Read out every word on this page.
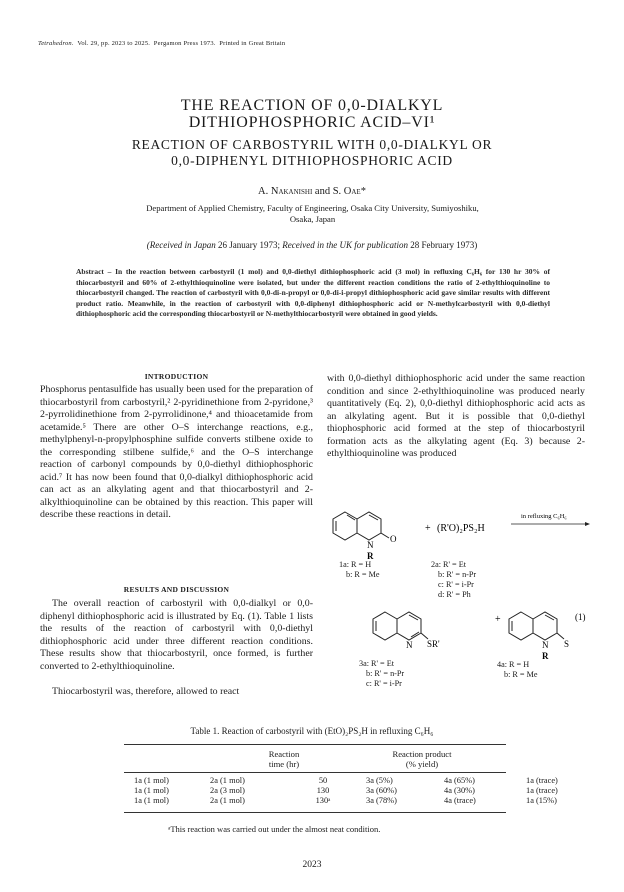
Tetrahedron. Vol. 29, pp. 2023 to 2025. Pergamon Press 1973. Printed in Great Britain
THE REACTION OF 0,0-DIALKYL
DITHIOPHOSPHORIC ACID–VI¹
REACTION OF CARBOSTYRIL WITH 0,0-DIALKYL OR
0,0-DIPHENYL DITHIOPHOSPHORIC ACID
A. Nakanishi and S. Oae*
Department of Applied Chemistry, Faculty of Engineering, Osaka City University, Sumiyoshiku,
Osaka, Japan
(Received in Japan 26 January 1973; Received in the UK for publication 28 February 1973)
Abstract – In the reaction between carbostyril (1 mol) and 0,0-diethyl dithiophosphoric acid (3 mol) in refluxing C₆H₆ for 130 hr 30% of thiocarbostyril and 60% of 2-ethylthioquinoline were isolated, but under the different reaction conditions the ratio of 2-ethylthioquinoline to thiocarbostyril changed. The reaction of carbostyril with 0,0-di-n-propyl or 0,0-di-i-propyl dithiophosphoric acid gave similar results with different product ratio. Meanwhile, in the reaction of carbostyril with 0,0-diphenyl dithiophosphoric acid or N-methylcarbostyril with 0,0-diethyl dithiophosphoric acid the corresponding thiocarbostyril or N-methylthiocarbostyril were obtained in good yields.
INTRODUCTION
Phosphorus pentasulfide has usually been used for the preparation of thiocarbostyril from carbostyril,² 2-pyridinethione from 2-pyridone,³ 2-pyrrolidinethione from 2-pyrrolidinone,⁴ and thioacetamide from acetamide.⁵ There are other O–S interchange reactions, e.g., methylphenyl-n-propylphosphine sulfide converts stilbene oxide to the corresponding stilbene sulfide,⁶ and the O–S interchange reaction of carbonyl compounds by 0,0-diethyl dithiophosphoric acid.⁷ It has now been found that 0,0-dialkyl dithiophosphoric acid can act as an alkylating agent and that thiocarbostyril and 2-alkylthioquinoline can be obtained by this reaction. This paper will describe these reactions in detail.
RESULTS AND DISCUSSION
The overall reaction of carbostyril with 0,0-dialkyl or 0,0-diphenyl dithiophosphoric acid is illustrated by Eq. (1). Table 1 lists the results of the reaction of carbostyril with 0,0-diethyl dithiophosphoric acid under three different reaction conditions. These results show that thiocarbostyril, once formed, is further converted to 2-ethylthioquinoline.
Thiocarbostyril was, therefore, allowed to react
with 0,0-diethyl dithiophosphoric acid under the same reaction condition and since 2-ethylthioquinoline was produced nearly quantitatively (Eq. 2), 0,0-diethyl dithiophosphoric acid acts as an alkylating agent. But it is possible that 0,0-diethyl thiophosphoric acid formed at the step of thiocarbostyril formation acts as the alkylating agent (Eq. 3) because 2-ethylthioquinoline was produced
N
O
R
+ (R'O)₂PS₂H
in refluxing C₆H₆
N SR'
+
N S
R
(1)
1a: R = H
b: R = Me
2a: R' = Et
b: R' = n-Pr
c: R' = i-Pr
d: R' = Ph
3a: R' = Et
b: R' = n-Pr
c: R' = i-Pr
4a: R = H
b: R = Me
Table 1. Reaction of carbostyril with (EtO)₂PS₂H in refluxing C₆H₆
Reaction
time (hr)
Reaction product
(% yield)
1a (1 mol)	2a (1 mol)	50	3a (5%)	4a (65%)	1a (trace)
1a (1 mol)	2a (3 mol)	130	3a (60%)	4a (30%)	1a (trace)
1a (1 mol)	2a (1 mol)	130ᵃ	3a (78%)	4a (trace)	1a (15%)
ᵃThis reaction was carried out under the almost neat condition.
2023
